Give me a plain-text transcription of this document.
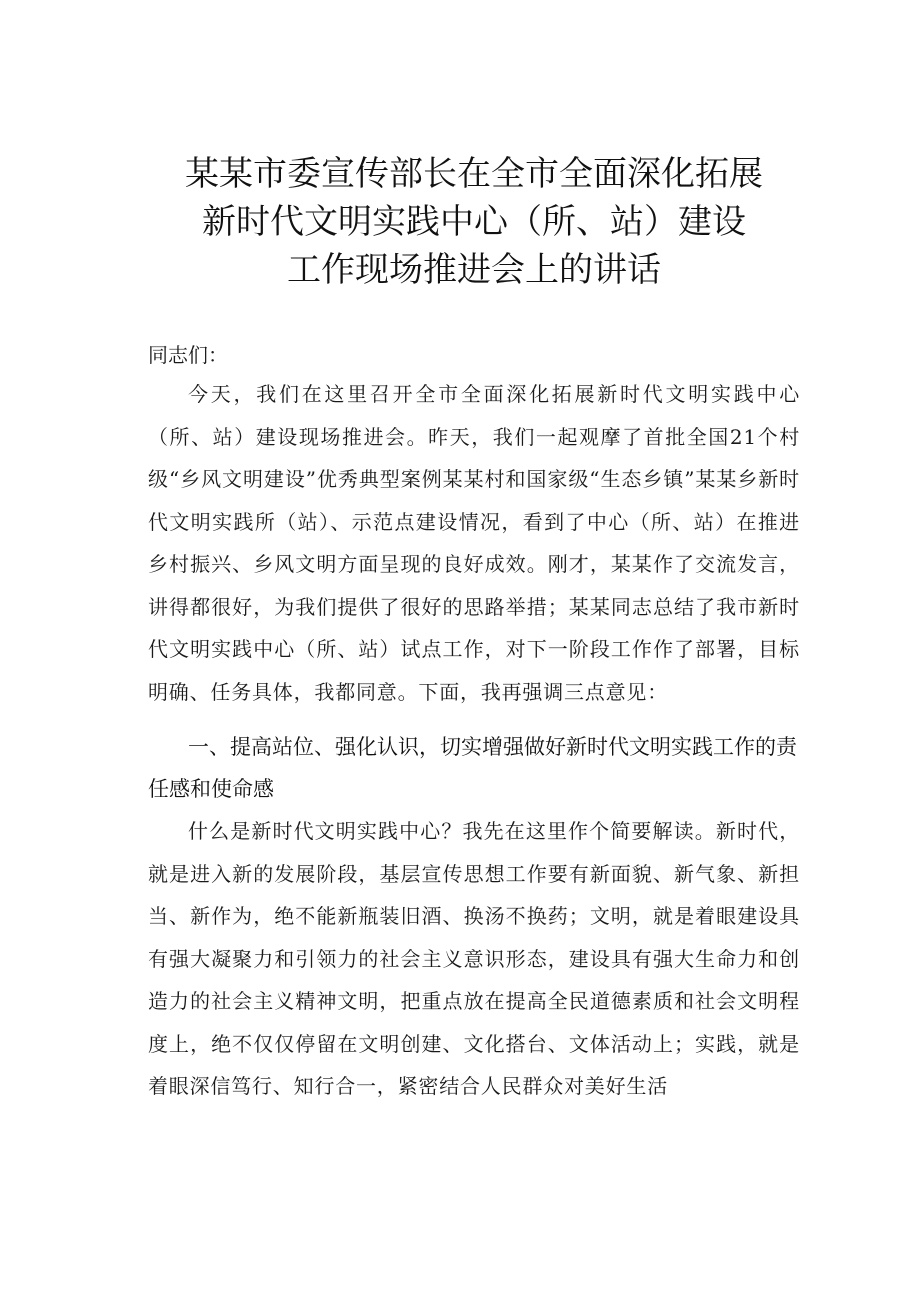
某某市委宣传部长在全市全面深化拓展
新时代文明实践中心（所、站）建设
工作现场推进会上的讲话
同志们：

今天，我们在这里召开全市全面深化拓展新时代文明实践中心（所、站）建设现场推进会。昨天，我们一起观摩了首批全国21个村级“乡风文明建设”优秀典型案例某某村和国家级“生态乡镇”某某乡新时代文明实践所（站）、示范点建设情况，看到了中心（所、站）在推进乡村振兴、乡风文明方面呈现的良好成效。刚才，某某作了交流发言，讲得都很好，为我们提供了很好的思路举措；某某同志总结了我市新时代文明实践中心（所、站）试点工作，对下一阶段工作作了部署，目标明确、任务具体，我都同意。下面，我再强调三点意见：

一、提高站位、强化认识，切实增强做好新时代文明实践工作的责任感和使命感

什么是新时代文明实践中心？我先在这里作个简要解读。新时代，就是进入新的发展阶段，基层宣传思想工作要有新面貌、新气象、新担当、新作为，绝不能新瓶装旧酒、换汤不换药；文明，就是着眼建设具有强大凝聚力和引领力的社会主义意识形态，建设具有强大生命力和创造力的社会主义精神文明，把重点放在提高全民道德素质和社会文明程度上，绝不仅仅停留在文明创建、文化搭台、文体活动上；实践，就是着眼深信笃行、知行合一，紧密结合人民群众对美好生活
